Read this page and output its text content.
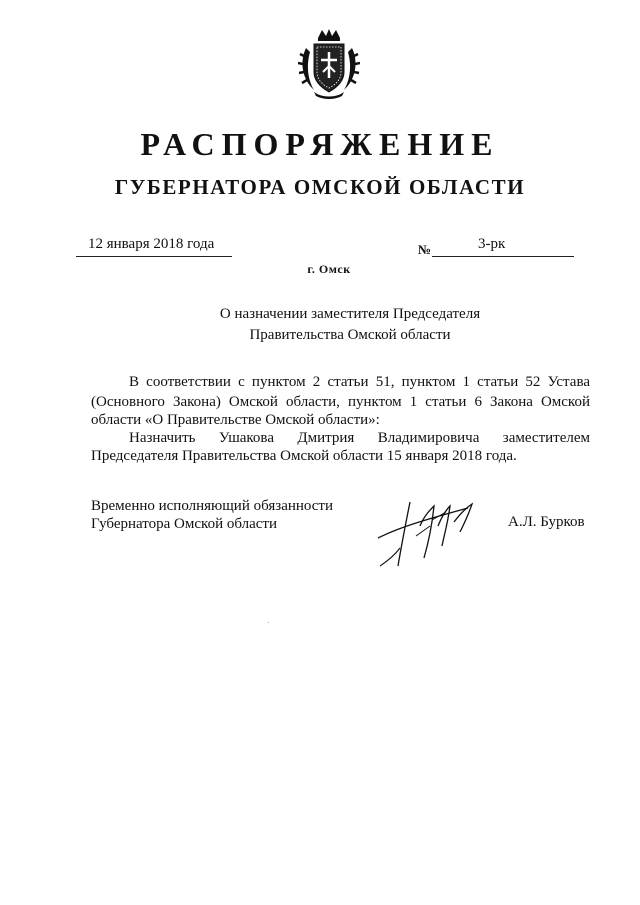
РАСПОРЯЖЕНИЕ
ГУБЕРНАТОРА ОМСКОЙ ОБЛАСТИ
12 января 2018 года	№	3-рк
г. Омск
О назначении заместителя Председателя
Правительства Омской области
В соответствии с пунктом 2 статьи 51, пунктом 1 статьи 52 Устава
(Основного Закона) Омской области, пунктом 1 статьи 6 Закона Омской
области «О Правительстве Омской области»:
Назначить Ушакова Дмитрия Владимировича заместителем
Председателя Правительства Омской области 15 января 2018 года.
Временно исполняющий обязанности
Губернатора Омской области	А.Л. Бурков
